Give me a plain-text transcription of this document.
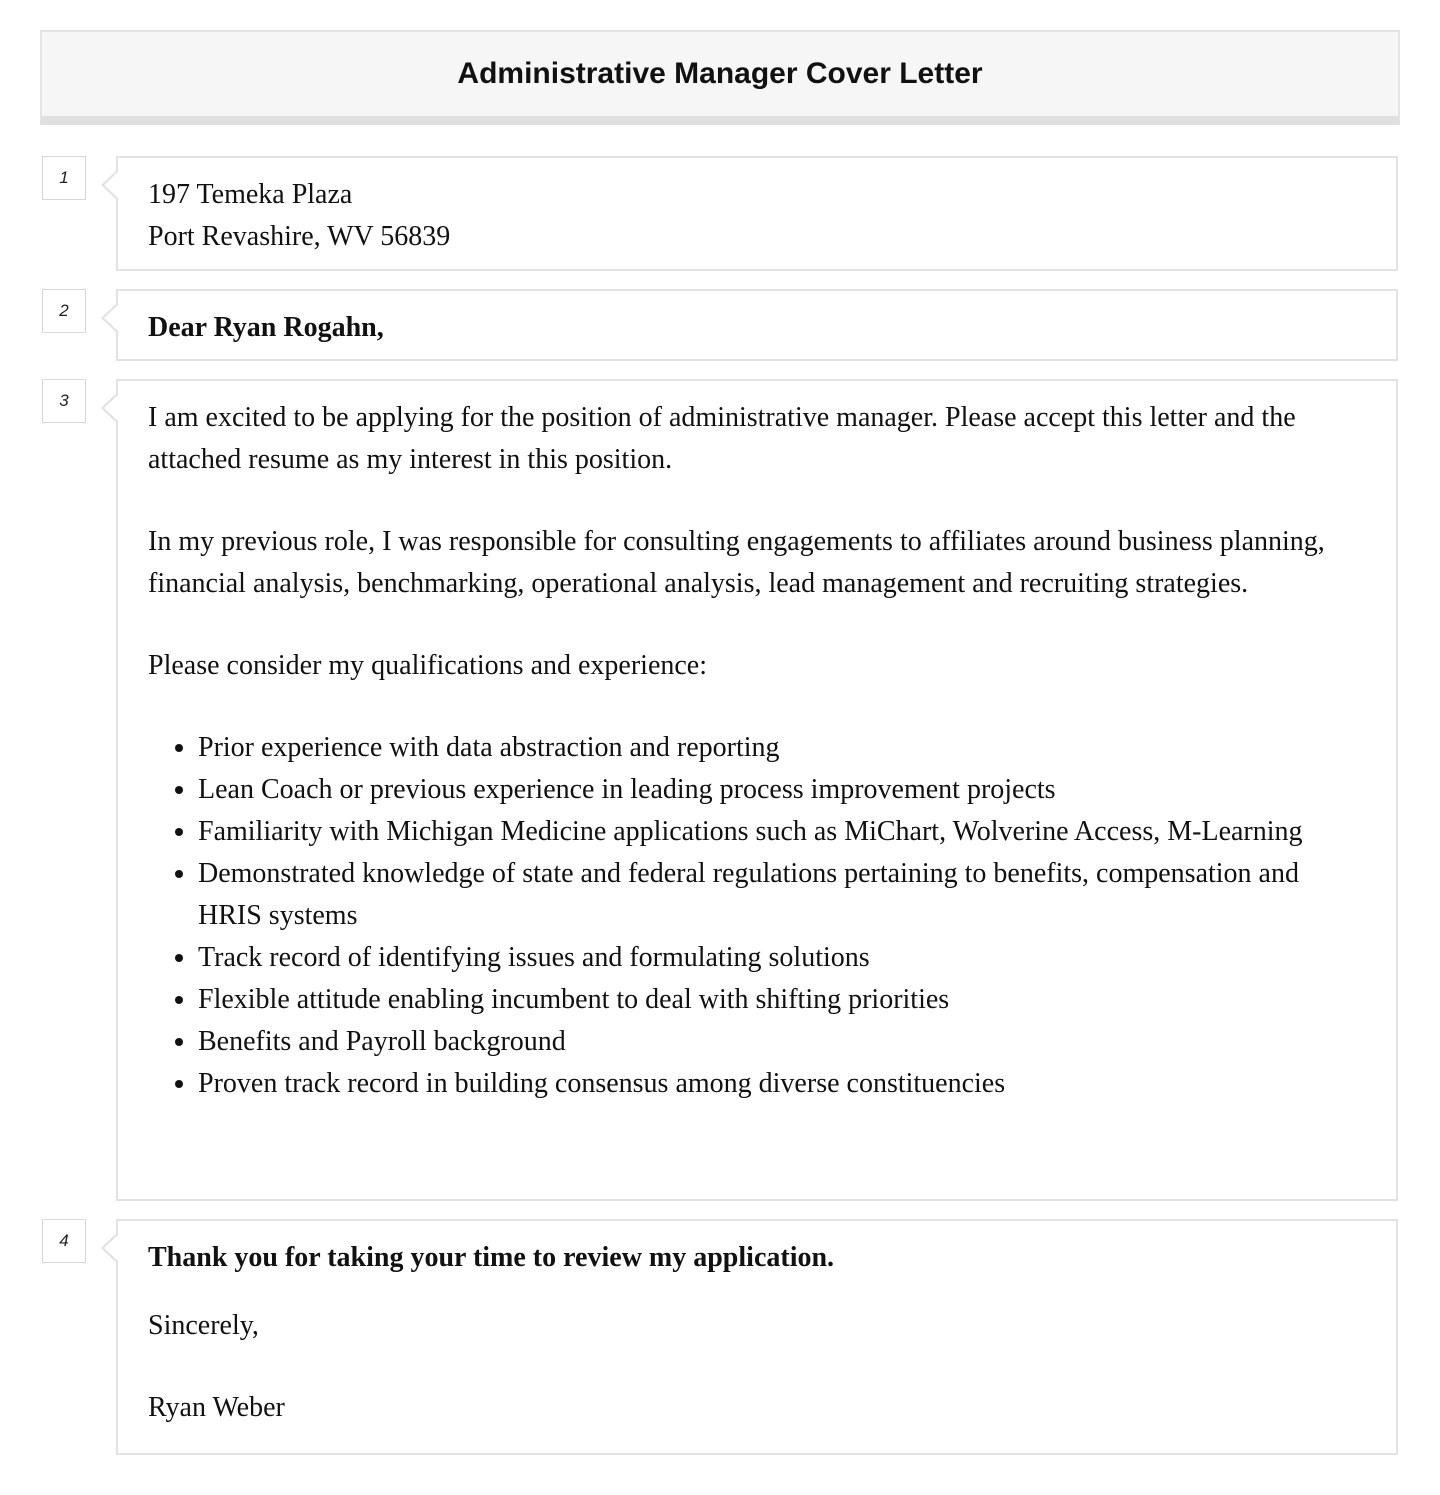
Administrative Manager Cover Letter
1

197 Temeka Plaza

Port Revashire, WV 56839

2

Dear Ryan Rogahn,

3

I am excited to be applying for the position of administrative manager. Please accept this letter and the attached resume as my interest in this position.

In my previous role, I was responsible for consulting engagements to affiliates around business planning, financial analysis, benchmarking, operational analysis, lead management and recruiting strategies.

Please consider my qualifications and experience:

• Prior experience with data abstraction and reporting
• Lean Coach or previous experience in leading process improvement projects
• Familiarity with Michigan Medicine applications such as MiChart, Wolverine Access, M-Learning
• Demonstrated knowledge of state and federal regulations pertaining to benefits, compensation and HRIS systems
• Track record of identifying issues and formulating solutions
• Flexible attitude enabling incumbent to deal with shifting priorities
• Benefits and Payroll background
• Proven track record in building consensus among diverse constituencies
4

Thank you for taking your time to review my application.

Sincerely,

Ryan Weber
